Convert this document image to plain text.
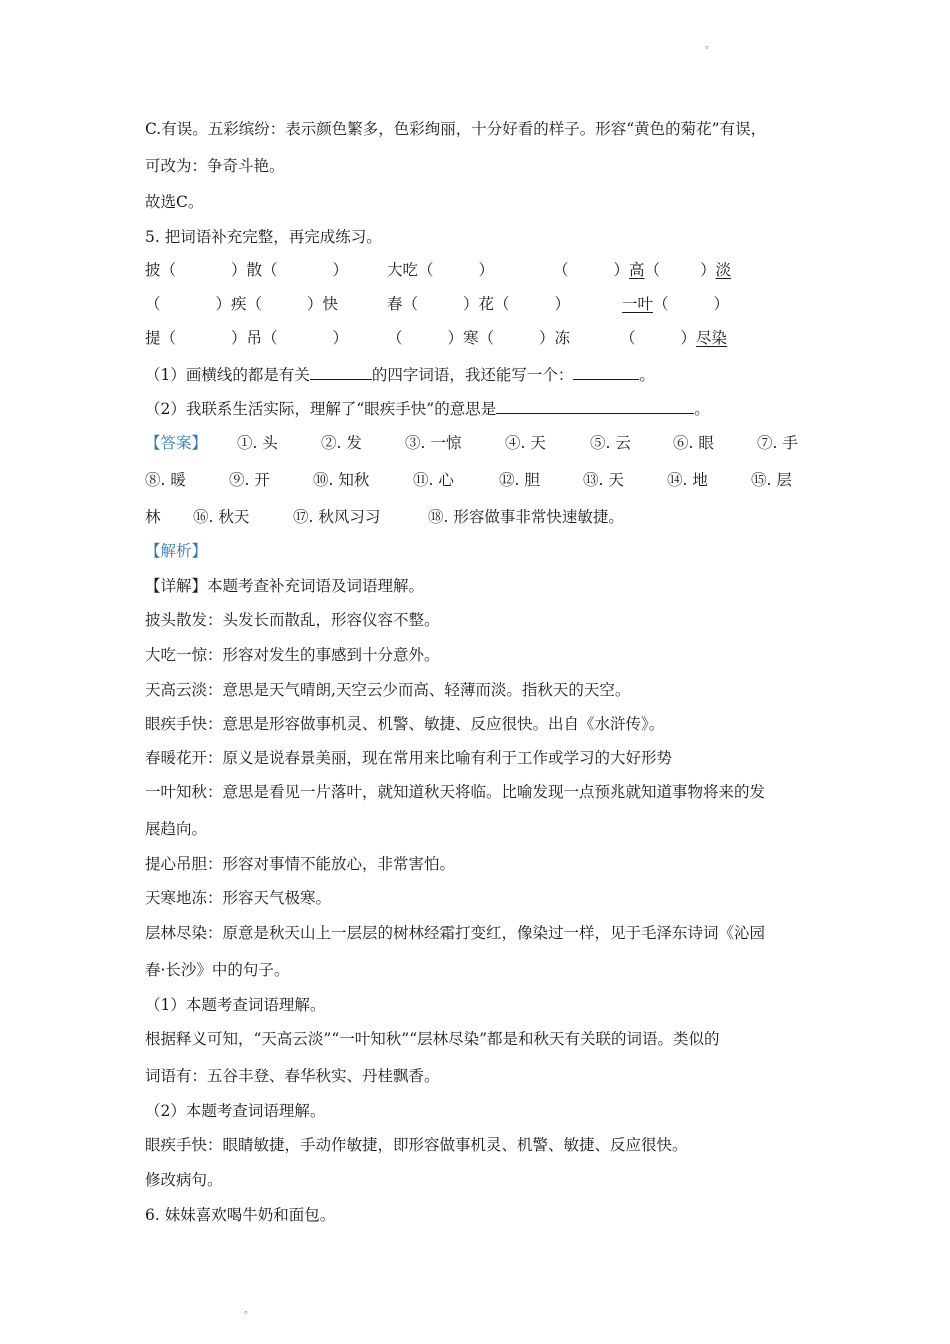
。
C.有误。五彩缤纷：表示颜色繁多，色彩绚丽，十分好看的样子。形容“黄色的菊花”有误，
可改为：争奇斗艳。
故选C。
5. 把词语补充完整，再完成练习。
披（	）散（	）	大吃（	）	（	）高（	）淡
（	）疾（	）快	春（	）花（	）	一叶（	）
提（	）吊（	）	（	）寒（	）冻	（	）尽染
（1）画横线的都是有关	的四字词语，我还能写一个：	。
（2）我联系生活实际，理解了“眼疾手快”的意思是	。
【答案】 ①. 头	②. 发	③. 一惊	④. 天	⑤. 云	⑥. 眼	⑦. 手
⑧. 暖	⑨. 开	⑩. 知秋	⑪. 心	⑫. 胆	⑬. 天	⑭. 地	⑮. 层
林 ⑯. 秋天	⑰. 秋风习习	⑱. 形容做事非常快速敏捷。
【解析】
【详解】本题考查补充词语及词语理解。
披头散发：头发长而散乱，形容仪容不整。
大吃一惊：形容对发生的事感到十分意外。
天高云淡：意思是天气晴朗,天空云少而高、轻薄而淡。指秋天的天空。
眼疾手快：意思是形容做事机灵、机警、敏捷、反应很快。出自《水浒传》。
春暖花开：原义是说春景美丽，现在常用来比喻有利于工作或学习的大好形势
一叶知秋：意思是看见一片落叶，就知道秋天将临。比喻发现一点预兆就知道事物将来的发
展趋向。
提心吊胆：形容对事情不能放心，非常害怕。
天寒地冻：形容天气极寒。
层林尽染：原意是秋天山上一层层的树林经霜打变红，像染过一样，见于毛泽东诗词《沁园
春·长沙》中的句子。
（1）本题考查词语理解。
根据释义可知，“天高云淡”“一叶知秋”“层林尽染”都是和秋天有关联的词语。类似的
词语有：五谷丰登、春华秋实、丹桂飘香。
（2）本题考查词语理解。
眼疾手快：眼睛敏捷，手动作敏捷，即形容做事机灵、机警、敏捷、反应很快。
修改病句。
6. 妹妹喜欢喝牛奶和面包。
。
